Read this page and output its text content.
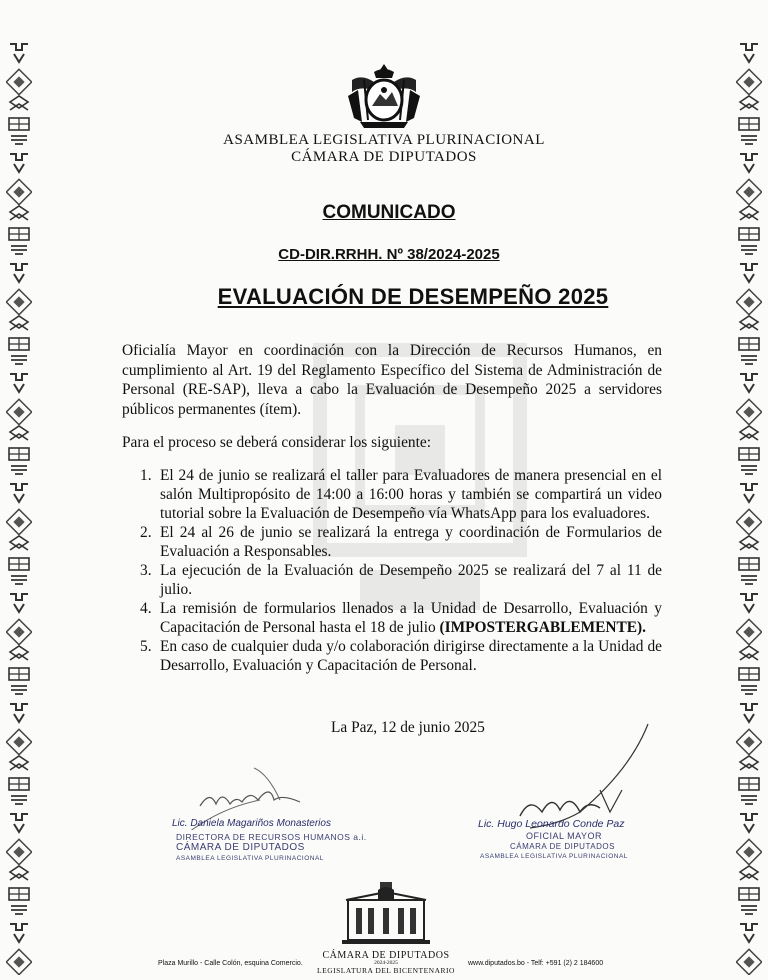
ASAMBLEA LEGISLATIVA PLURINACIONAL
CÁMARA DE DIPUTADOS
COMUNICADO
CD-DIR.RRHH. Nº 38/2024-2025
EVALUACIÓN DE DESEMPEÑO 2025
Oficialía Mayor en coordinación con la Dirección de Recursos Humanos, en cumplimiento al Art. 19 del Reglamento Específico del Sistema de Administración de Personal (RE-SAP), lleva a cabo la Evaluación de Desempeño 2025 a servidores públicos permanentes (ítem).
Para el proceso se deberá considerar los siguiente:
1. El 24 de junio se realizará el taller para Evaluadores de manera presencial en el salón Multipropósito de 14:00 a 16:00 horas y también se compartirá un video tutorial sobre la Evaluación de Desempeño vía WhatsApp para los evaluadores.
2. El 24 al 26 de junio se realizará la entrega y coordinación de Formularios de Evaluación a Responsables.
3. La ejecución de la Evaluación de Desempeño 2025 se realizará del 7 al 11 de julio.
4. La remisión de formularios llenados a la Unidad de Desarrollo, Evaluación y Capacitación de Personal hasta el 18 de julio (IMPOSTERGABLEMENTE).
5. En caso de cualquier duda y/o colaboración dirigirse directamente a la Unidad de Desarrollo, Evaluación y Capacitación de Personal.
La Paz, 12 de junio 2025
Lic. Daniela Magariños Monasterios
DIRECTORA DE RECURSOS HUMANOS a.i.
CÁMARA DE DIPUTADOS
ASAMBLEA LEGISLATIVA PLURINACIONAL
Lic. Hugo Leonardo Conde Paz
OFICIAL MAYOR
CÁMARA DE DIPUTADOS
ASAMBLEA LEGISLATIVA PLURINACIONAL
Plaza Murillo - Calle Colón, esquina Comercio.
CÁMARA DE DIPUTADOS
2024-2025
LEGISLATURA DEL BICENTENARIO
www.diputados.bo - Telf: +591 (2) 2 184600
